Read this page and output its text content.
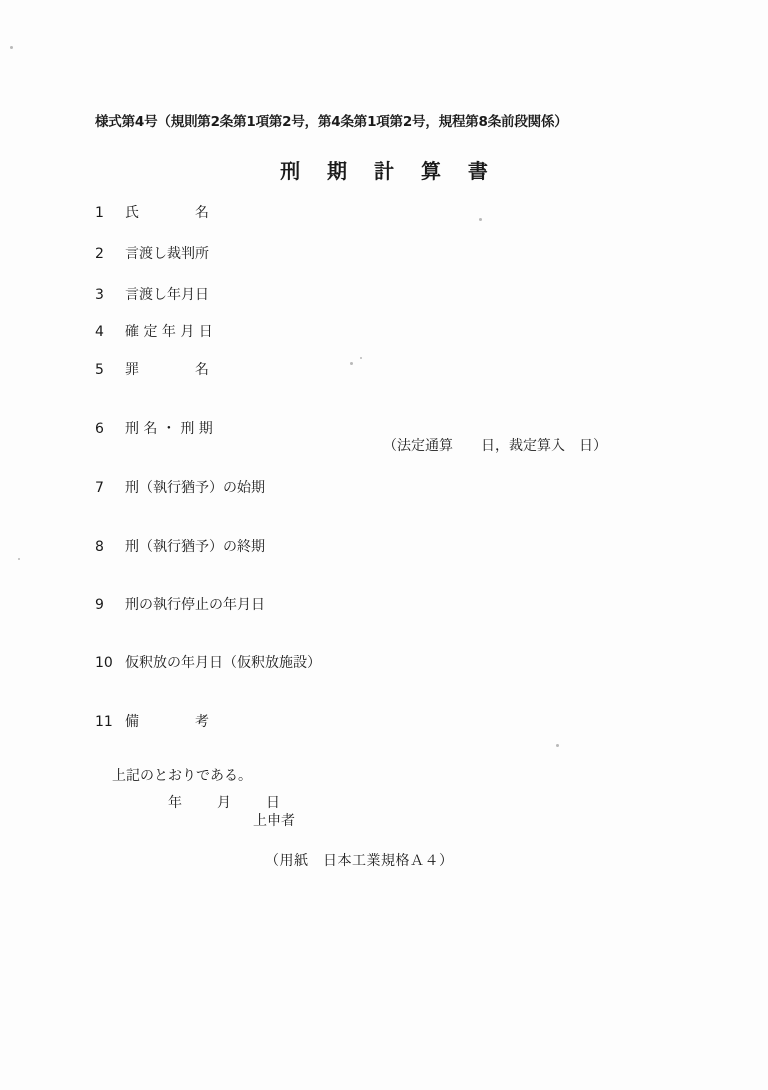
様式第4号（規則第2条第1項第2号，第4条第1項第2号，規程第8条前段関係）
刑 期 計 算 書
1 氏　　　　名
2 言渡し裁判所
3 言渡し年月日
4 確 定 年 月 日
5 罪　　　　名
6 刑 名 ・ 刑 期
7 刑（執行猶予）の始期
8 刑（執行猶予）の終期
9 刑の執行停止の年月日
10 仮釈放の年月日（仮釈放施設）
11 備　　　　考
（法定通算　　日，裁定算入　日）
上記のとおりである。
年 月 日
上申者
（用紙　日本工業規格Ａ４）
